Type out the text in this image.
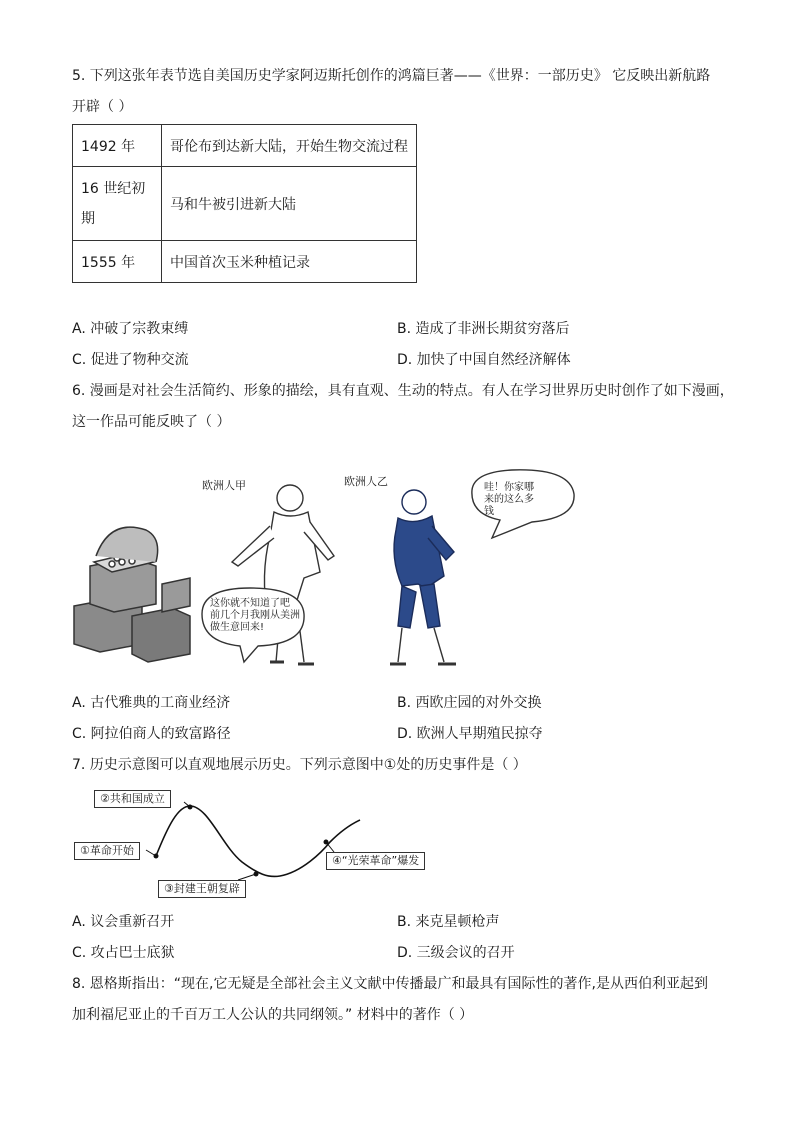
5. 下列这张年表节选自美国历史学家阿迈斯托创作的鸿篇巨著——《世界：一部历史》 它反映出新航路
开辟（ ）
1492 年	哥伦布到达新大陆，开始生物交流过程

16 世纪初
期	马和牛被引进新大陆
1555 年	中国首次玉米种植记录
A. 冲破了宗教束缚	B. 造成了非洲长期贫穷落后
C. 促进了物种交流	D. 加快了中国自然经济解体
6. 漫画是对社会生活简约、形象的描绘，具有直观、生动的特点。有人在学习世界历史时创作了如下漫画，
这一作品可能反映了（ ）
欧洲人甲	欧洲人乙	哇！你家哪
来的这么多
钱
这你就不知道了吧
前几个月我刚从美洲
做生意回来!
A. 古代雅典的工商业经济	B. 西欧庄园的对外交换
C. 阿拉伯商人的致富路径	D. 欧洲人早期殖民掠夺
7. 历史示意图可以直观地展示历史。下列示意图中①处的历史事件是（ ）
①革命开始
②共和国成立
③封建王朝复辟
④“光荣革命”爆发
A. 议会重新召开	B. 来克星顿枪声
C. 攻占巴士底狱	D. 三级会议的召开
8. 恩格斯指出：“现在,它无疑是全部社会主义文献中传播最广和最具有国际性的著作,是从西伯利亚起到
加利福尼亚止的千百万工人公认的共同纲领。” 材料中的著作（ ）
